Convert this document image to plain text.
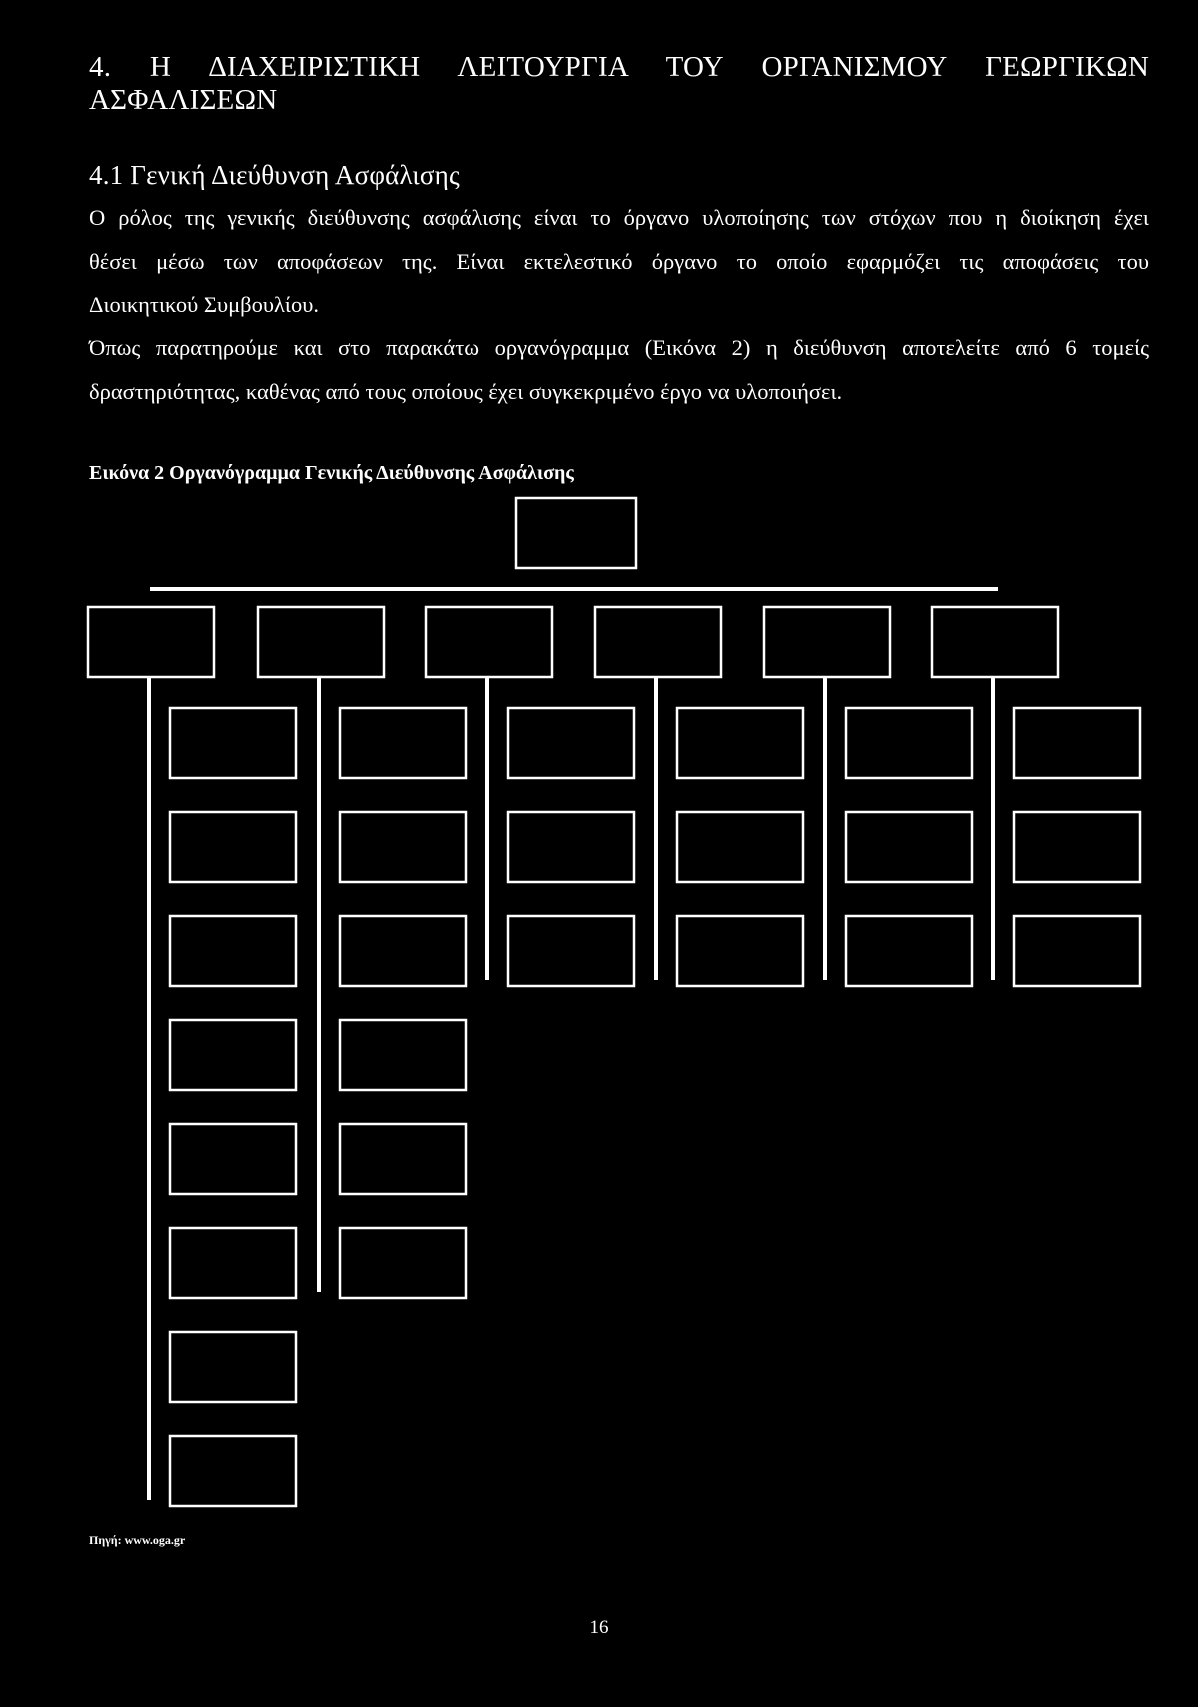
4. Η ΔΙΑΧΕΙΡΙΣΤΙΚΗ ΛΕΙΤΟΥΡΓΙΑ ΤΟΥ ΟΡΓΑΝΙΣΜΟΥ ΓΕΩΡΓΙΚΩΝ
ΑΣΦΑΛΙΣΕΩΝ
4.1 Γενική Διεύθυνση Ασφάλισης
Ο ρόλος της γενικής διεύθυνσης ασφάλισης είναι το όργανο υλοποίησης των στόχων που η διοίκηση έχει
θέσει μέσω των αποφάσεων της. Είναι εκτελεστικό όργανο το οποίο εφαρμόζει τις αποφάσεις του
Διοικητικού Συμβουλίου.
Όπως παρατηρούμε και στο παρακάτω οργανόγραμμα (Εικόνα 2) η διεύθυνση αποτελείτε από 6 τομείς
δραστηριότητας, καθένας από τους οποίους έχει συγκεκριμένο έργο να υλοποιήσει.
Εικόνα 2 Οργανόγραμμα Γενικής Διεύθυνσης Ασφάλισης
Πηγή: www.oga.gr
16
